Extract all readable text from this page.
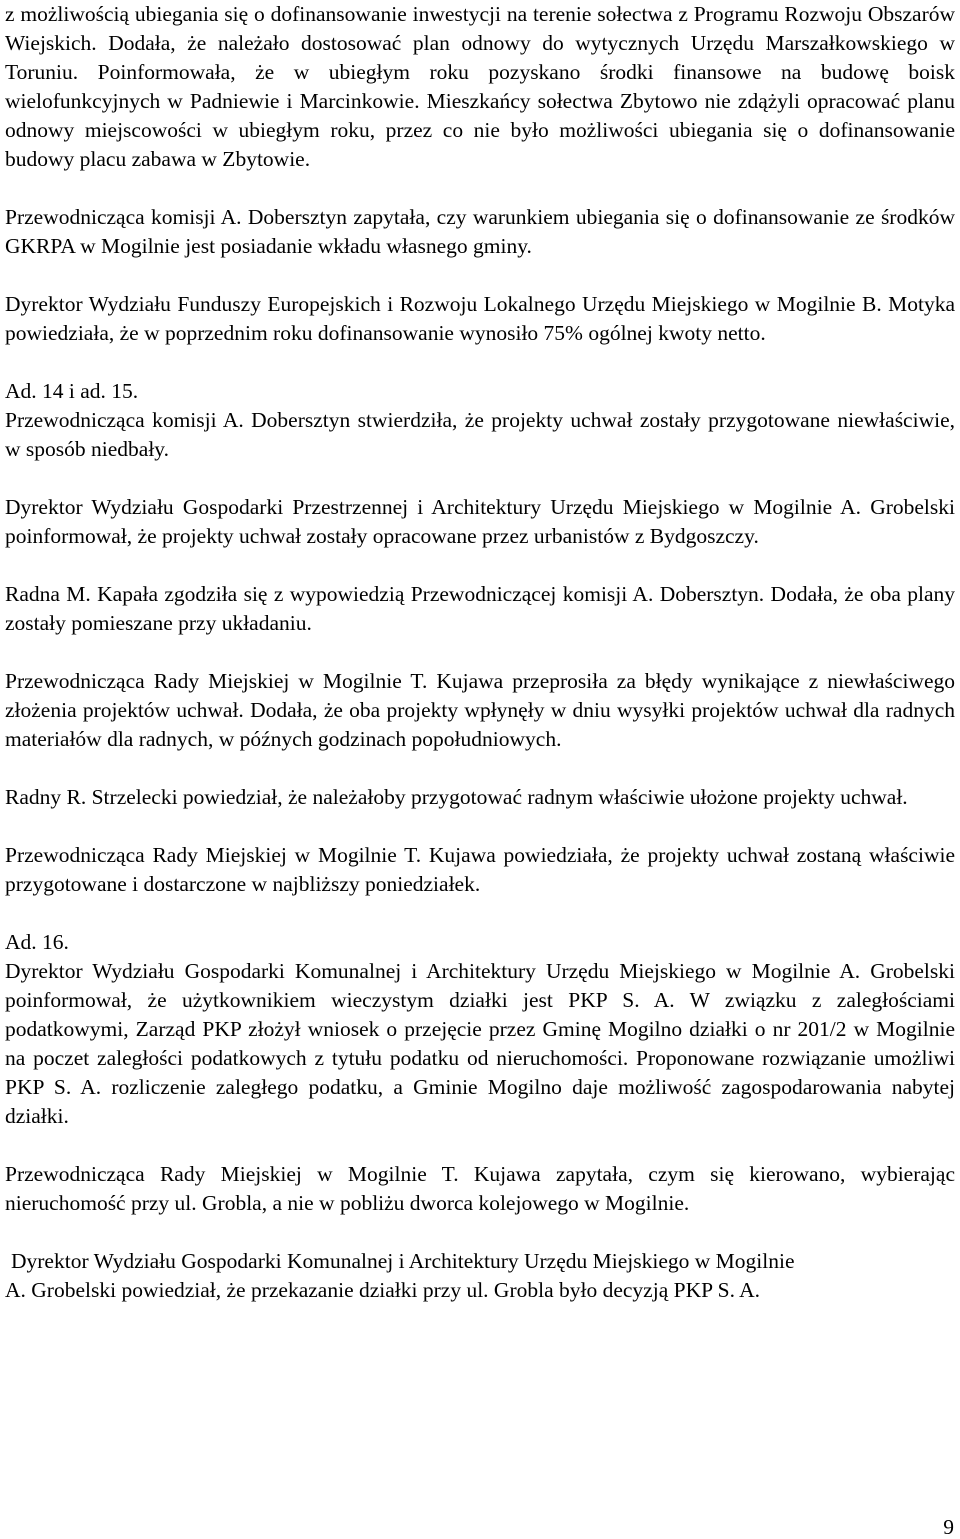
z możliwością ubiegania się o dofinansowanie inwestycji na terenie sołectwa z Programu Rozwoju Obszarów Wiejskich. Dodała, że należało dostosować plan odnowy do wytycznych Urzędu Marszałkowskiego w Toruniu. Poinformowała, że w ubiegłym roku pozyskano środki finansowe na budowę boisk wielofunkcyjnych w Padniewie i Marcinkowie. Mieszkańcy sołectwa Zbytowo nie zdążyli opracować planu odnowy miejscowości w ubiegłym roku, przez co nie było możliwości ubiegania się o dofinansowanie budowy placu zabawa w Zbytowie.

Przewodnicząca komisji A. Dobersztyn zapytała, czy warunkiem ubiegania się o dofinansowanie ze środków GKRPA w Mogilnie jest posiadanie wkładu własnego gminy.

Dyrektor Wydziału Funduszy Europejskich i Rozwoju Lokalnego Urzędu Miejskiego w Mogilnie B. Motyka powiedziała, że w poprzednim roku dofinansowanie wynosiło 75% ogólnej kwoty netto.

Ad. 14 i ad. 15.

Przewodnicząca komisji A. Dobersztyn stwierdziła, że projekty uchwał zostały przygotowane niewłaściwie, w sposób niedbały.

Dyrektor Wydziału Gospodarki Przestrzennej i Architektury Urzędu Miejskiego w Mogilnie A. Grobelski poinformował, że projekty uchwał zostały opracowane przez urbanistów z Bydgoszczy.

Radna M. Kapała zgodziła się z wypowiedzią Przewodniczącej komisji A. Dobersztyn. Dodała, że oba plany zostały pomieszane przy układaniu.

Przewodnicząca Rady Miejskiej w Mogilnie T. Kujawa przeprosiła za błędy wynikające z niewłaściwego złożenia projektów uchwał. Dodała, że oba projekty wpłynęły w dniu wysyłki projektów uchwał dla radnych materiałów dla radnych, w późnych godzinach popołudniowych.

Radny R. Strzelecki powiedział, że należałoby przygotować radnym właściwie ułożone projekty uchwał.

Przewodnicząca Rady Miejskiej w Mogilnie T. Kujawa powiedziała, że projekty uchwał zostaną właściwie przygotowane i dostarczone w najbliższy poniedziałek.

Ad. 16.

Dyrektor Wydziału Gospodarki Komunalnej i Architektury Urzędu Miejskiego w Mogilnie A. Grobelski poinformował, że użytkownikiem wieczystym działki jest PKP S. A. W związku z zaległościami podatkowymi, Zarząd PKP złożył wniosek o przejęcie przez Gminę Mogilno działki o nr 201/2 w Mogilnie na poczet zaległości podatkowych z tytułu podatku od nieruchomości. Proponowane rozwiązanie umożliwi PKP S. A. rozliczenie zaległego podatku, a Gminie Mogilno daje możliwość zagospodarowania nabytej działki.

Przewodnicząca Rady Miejskiej w Mogilnie T. Kujawa zapytała, czym się kierowano, wybierając nieruchomość przy ul. Grobla, a nie w pobliżu dworca kolejowego w Mogilnie.

Dyrektor Wydziału Gospodarki Komunalnej i Architektury Urzędu Miejskiego w Mogilnie

A. Grobelski powiedział, że przekazanie działki przy ul. Grobla było decyzją PKP S. A.

9
